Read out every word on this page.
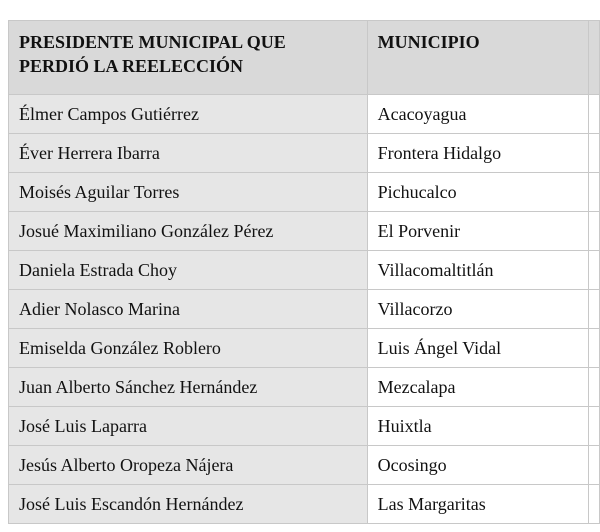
PRESIDENTE MUNICIPAL QUE PERDIÓ LA REELECCIÓN	MUNICIPIO	
Élmer Campos Gutiérrez	Acacoyagua	
Éver Herrera Ibarra	Frontera Hidalgo	
Moisés Aguilar Torres	Pichucalco	
Josué Maximiliano González Pérez	El Porvenir	
Daniela Estrada Choy	Villacomaltitlán	
Adier Nolasco Marina	Villacorzo	
Emiselda González Roblero	Luis Ángel Vidal	
Juan Alberto Sánchez Hernández	Mezcalapa	
José Luis Laparra	Huixtla	
Jesús Alberto Oropeza Nájera	Ocosingo	
José Luis Escandón Hernández	Las Margaritas	
